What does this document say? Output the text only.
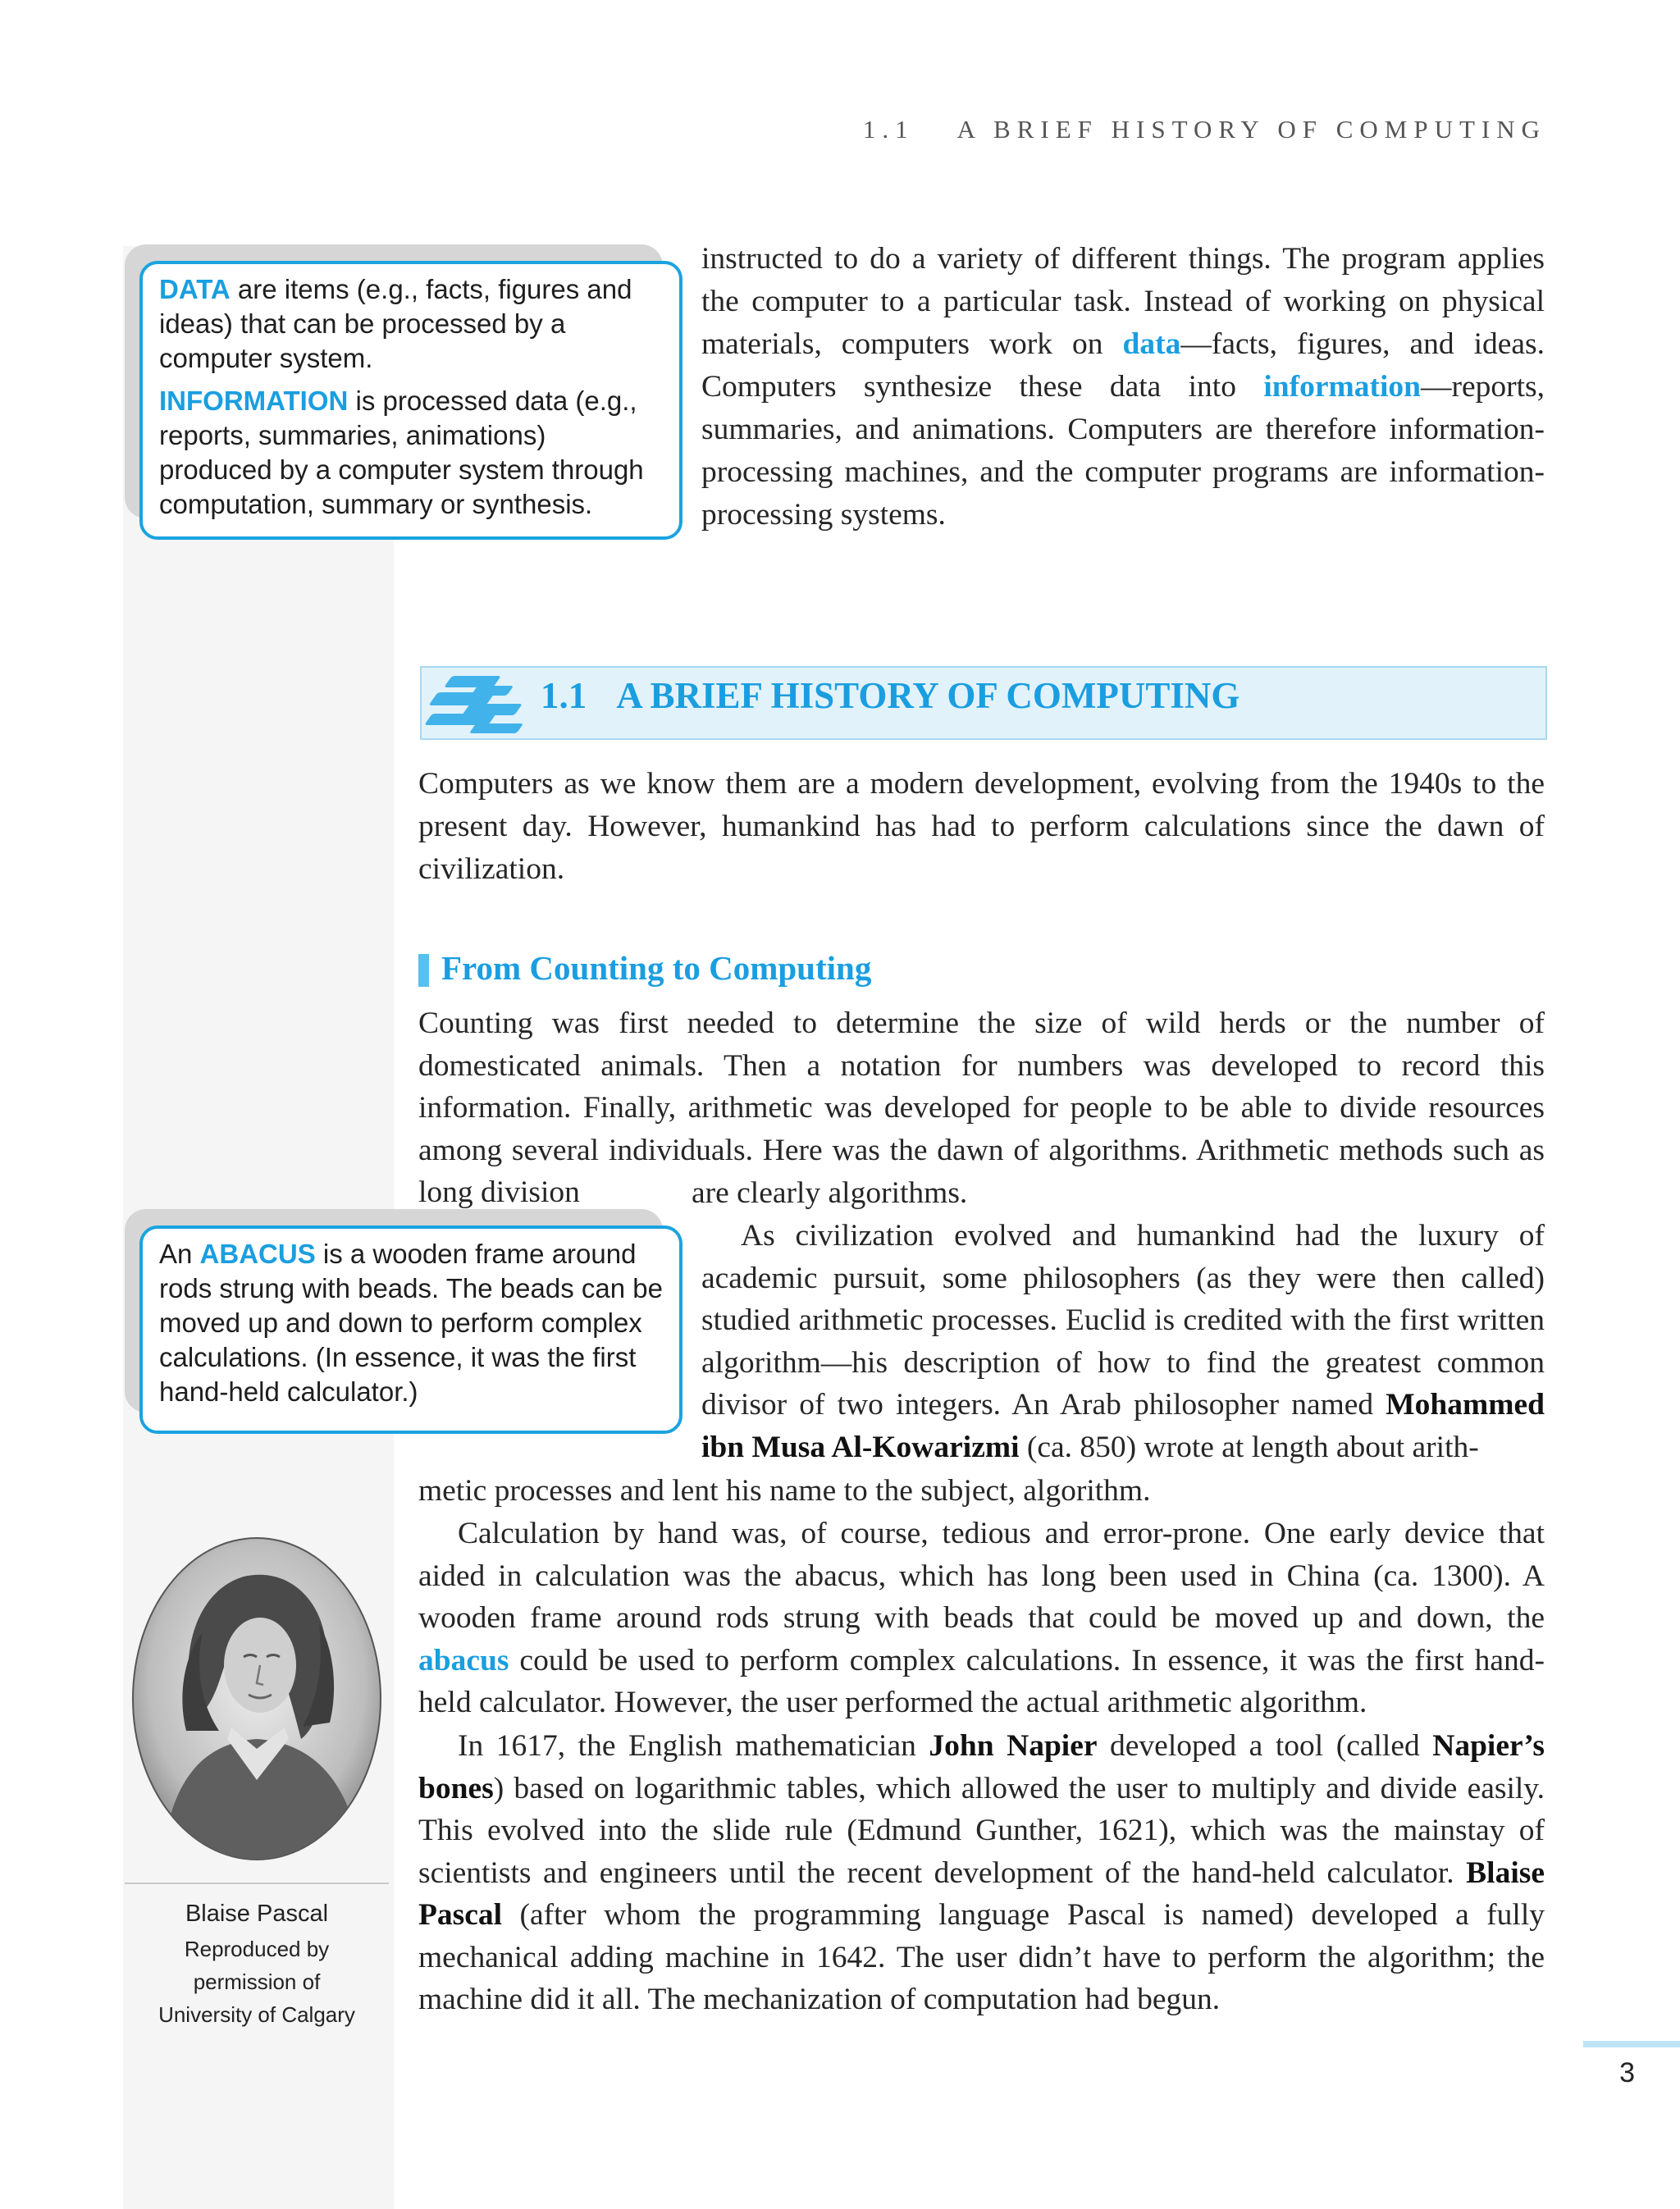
1.1 A BRIEF HISTORY OF COMPUTING

DATA are items (e.g., facts, figures and ideas) that can be processed by a computer system.

INFORMATION is processed data (e.g., reports, summaries, animations) produced by a computer system through computation, summary or synthesis.

instructed to do a variety of different things. The program applies the computer to a particular task. Instead of working on physical materials, computers work on data—facts, figures, and ideas. Computers synthesize these data into information—reports, summaries, and animations. Computers are therefore information-processing machines, and the computer programs are information-processing systems.

1.1 A BRIEF HISTORY OF COMPUTING

Computers as we know them are a modern development, evolving from the 1940s to the present day. However, humankind has had to perform calculations since the dawn of civilization.

From Counting to Computing

Counting was first needed to determine the size of wild herds or the number of domesticated animals. Then a notation for numbers was developed to record this information. Finally, arithmetic was developed for people to be able to divide resources among several individuals. Here was the dawn of algorithms. Arithmetic methods such as long division	are clearly algorithms.

An ABACUS is a wooden frame around rods strung with beads. The beads can be moved up and down to perform complex calculations. (In essence, it was the first hand-held calculator.)

As civilization evolved and humankind had the luxury of academic pursuit, some philosophers (as they were then called) studied arithmetic processes. Euclid is credited with the first written algorithm—his description of how to find the greatest common divisor of two integers. An Arab philosopher named Mohammed ibn Musa Al-Kowarizmi (ca. 850) wrote at length about arith-

metic processes and lent his name to the subject, algorithm.

Calculation by hand was, of course, tedious and error-prone. One early device that aided in calculation was the abacus, which has long been used in China (ca. 1300). A wooden frame around rods strung with beads that could be moved up and down, the abacus could be used to perform complex calculations. In essence, it was the first hand-held calculator. However, the user performed the actual arithmetic algorithm.

In 1617, the English mathematician John Napier developed a tool (called Napier’s bones) based on logarithmic tables, which allowed the user to multiply and divide easily. This evolved into the slide rule (Edmund Gunther, 1621), which was the mainstay of scientists and engineers until the recent development of the hand-held calculator. Blaise Pascal (after whom the programming language Pascal is named) developed a fully mechanical adding machine in 1642. The user didn’t have to perform the algorithm; the machine did it all. The mechanization of computation had begun.

Blaise Pascal
Reproduced by
permission of
University of Calgary
3
